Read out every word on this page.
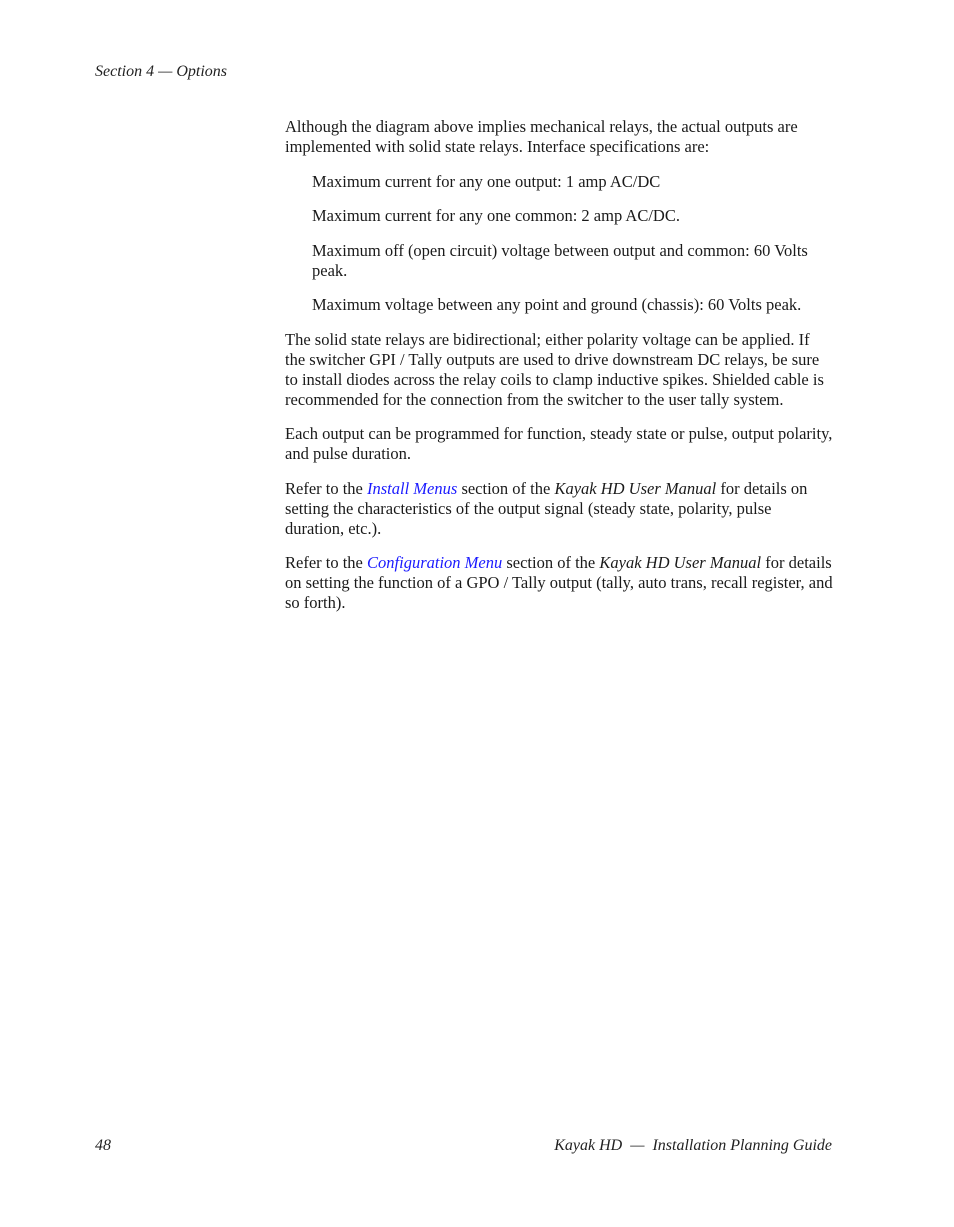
Section 4 — Options

Although the diagram above implies mechanical relays, the actual outputs are implemented with solid state relays. Interface specifications are:

Maximum current for any one output: 1 amp AC/DC

Maximum current for any one common: 2 amp AC/DC.

Maximum off (open circuit) voltage between output and common: 60 Volts peak.

Maximum voltage between any point and ground (chassis): 60 Volts peak.

The solid state relays are bidirectional; either polarity voltage can be applied. If the switcher GPI / Tally outputs are used to drive downstream DC relays, be sure to install diodes across the relay coils to clamp inductive spikes. Shielded cable is recommended for the connection from the switcher to the user tally system.

Each output can be programmed for function, steady state or pulse, output polarity, and pulse duration.

Refer to the Install Menus section of the Kayak HD User Manual for details on setting the characteristics of the output signal (steady state, polarity, pulse duration, etc.).

Refer to the Configuration Menu section of the Kayak HD User Manual for details on setting the function of a GPO / Tally output (tally, auto trans, recall register, and so forth).

48	Kayak HD  —  Installation Planning Guide
